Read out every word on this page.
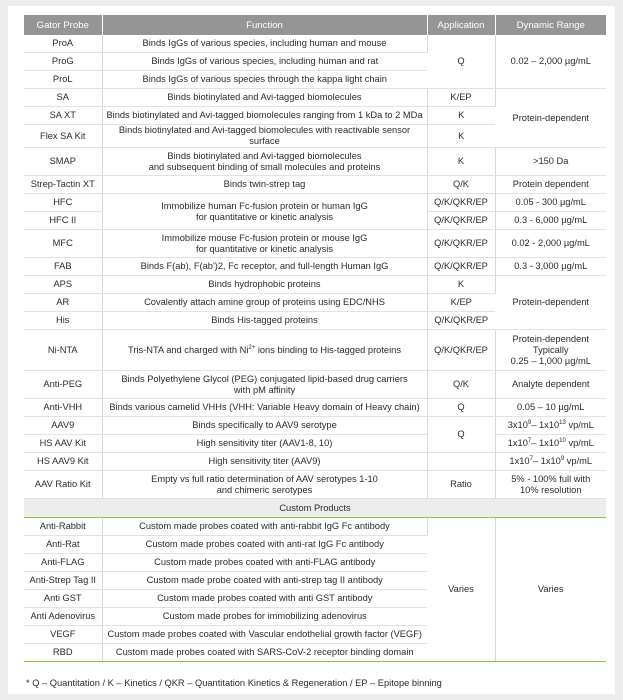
Gator Probe	Function	Application	Dynamic Range
ProA	Binds IgGs of various species, including human and mouse	Q	0.02 – 2,000 µg/mL
ProG	Binds IgGs of various species, including human and rat		
ProL	Binds IgGs of various species through the kappa light chain		
SA	Binds biotinylated and Avi-tagged biomolecules	K/EP	Protein-dependent
SA XT	Binds biotinylated and Avi-tagged biomolecules ranging from 1 kDa to 2 MDa	K	
Flex SA Kit	Binds biotinylated and Avi-tagged biomolecules with reactivable sensor surface	K	
SMAP	Binds biotinylated and Avi-tagged biomolecules
and subsequent binding of small molecules and proteins	K	>150 Da
Strep-Tactin XT	Binds twin-strep tag	Q/K	Protein dependent
HFC	Immobilize human Fc-fusion protein or human IgG
for quantitative or kinetic analysis	Q/K/QKR/EP	0.05 - 300 µg/mL
HFC II		Q/K/QKR/EP	0.3 - 6,000 µg/mL
MFC	Immobilize mouse Fc-fusion protein or mouse IgG
for quantitative or kinetic analysis	Q/K/QKR/EP	0.02 - 2,000 µg/mL
FAB	Binds F(ab), F(ab')2, Fc receptor, and full-length Human IgG	Q/K/QKR/EP	0.3 - 3,000 µg/mL
APS	Binds hydrophobic proteins	K	Protein-dependent
AR	Covalently attach amine group of proteins using EDC/NHS	K/EP	
His	Binds His-tagged proteins	Q/K/QKR/EP	
Ni-NTA	Tris-NTA and charged with $Ni^{2+}$ ions binding to His-tagged proteins	Q/K/QKR/EP	Protein-dependent
Typically
0.25 – 1,000 µg/mL
Anti-PEG	Binds Polyethylene Glycol (PEG) conjugated lipid-based drug carriers
with pM affinity	Q/K	Analyte dependent
Anti-VHH	Binds various camelid VHHs (VHH: Variable Heavy domain of Heavy chain)	Q	0.05 – 10 µg/mL
AAV9	Binds specifically to AAV9 serotype	Q	$3x10^9-$ $1x10^{13}$ vp/mL
HS AAV Kit	High sensitivity titer (AAV1-8, 10)		$1x10^7-$ $1x10^{10}$ vp/mL
HS AAV9 Kit	High sensitivity titer (AAV9)		$1x10^7-$ $1x10^9$ vp/mL
AAV Ratio Kit	Empty vs full ratio determination of AAV serotypes 1-10
and chimeric serotypes	Ratio	5% - 100% full with
10% resolution
Custom Products			
Anti-Rabbit	Custom made probes coated with anti-rabbit IgG Fc antibody	Varies	Varies
Anti-Rat	Custom made probes coated with anti-rat IgG Fc antibody		
Anti-FLAG	Custom made probes coated with anti-FLAG antibody		
Anti-Strep Tag II	Custom made probe coated with anti-strep tag II antibody		
Anti GST	Custom made probes coated with anti GST antibody		
Anti Adenovirus	Custom made probes for immobilizing adenovirus		
VEGF	Custom made probes coated with Vascular endothelial growth factor (VEGF)		
RBD	Custom made probes coated with SARS-CoV-2 receptor binding domain		
* Q – Quantitation / K – Kinetics / QKR – Quantitation Kinetics & Regeneration / EP – Epitope binning
